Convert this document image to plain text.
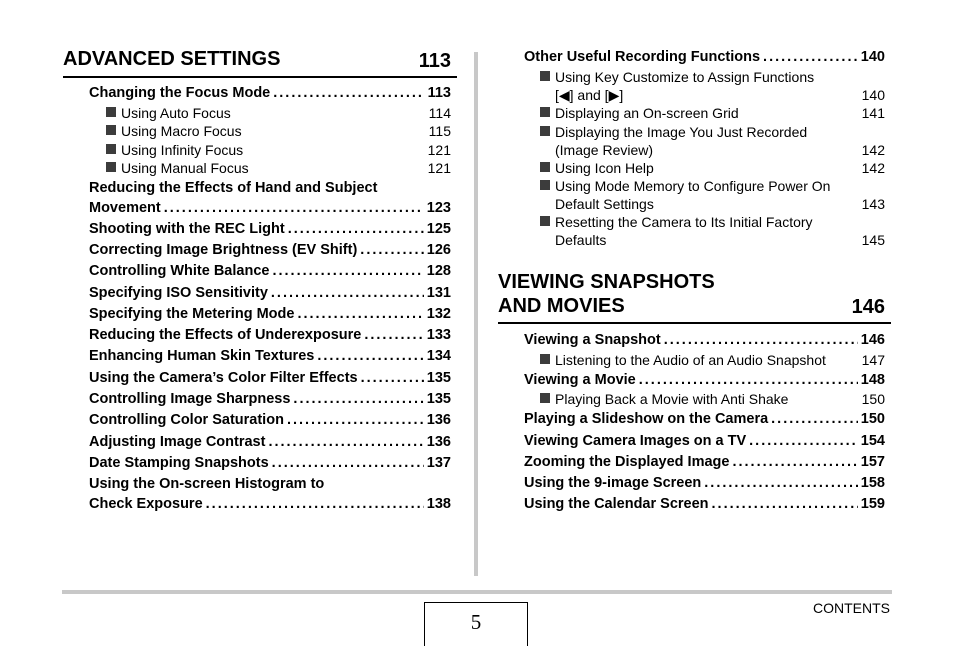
ADVANCED SETTINGS	113
Changing the Focus Mode .....	113
Using Auto Focus	114
Using Macro Focus	115
Using Infinity Focus	121
Using Manual Focus	121
Reducing the Effects of Hand and Subject
Movement .....	123
Shooting with the REC Light .....	125
Correcting Image Brightness (EV Shift) .....	126
Controlling White Balance .....	128
Specifying ISO Sensitivity .....	131
Specifying the Metering Mode .....	132
Reducing the Effects of Underexposure .....	133
Enhancing Human Skin Textures .....	134
Using the Camera’s Color Filter Effects .....	135
Controlling Image Sharpness .....	135
Controlling Color Saturation .....	136
Adjusting Image Contrast .....	136
Date Stamping Snapshots .....	137
Using the On-screen Histogram to
Check Exposure .....	138
Other Useful Recording Functions .....	140
Using Key Customize to Assign Functions
[◀] and [▶]	140
Displaying an On-screen Grid	141
Displaying the Image You Just Recorded
(Image Review)	142
Using Icon Help	142
Using Mode Memory to Configure Power On
Default Settings	143
Resetting the Camera to Its Initial Factory
Defaults	145
VIEWING SNAPSHOTS
AND MOVIES	146
Viewing a Snapshot .....	146
Listening to the Audio of an Audio Snapshot	147
Viewing a Movie .....	148
Playing Back a Movie with Anti Shake	150
Playing a Slideshow on the Camera .....	150
Viewing Camera Images on a TV .....	154
Zooming the Displayed Image .....	157
Using the 9-image Screen .....	158
Using the Calendar Screen .....	159
5
CONTENTS
